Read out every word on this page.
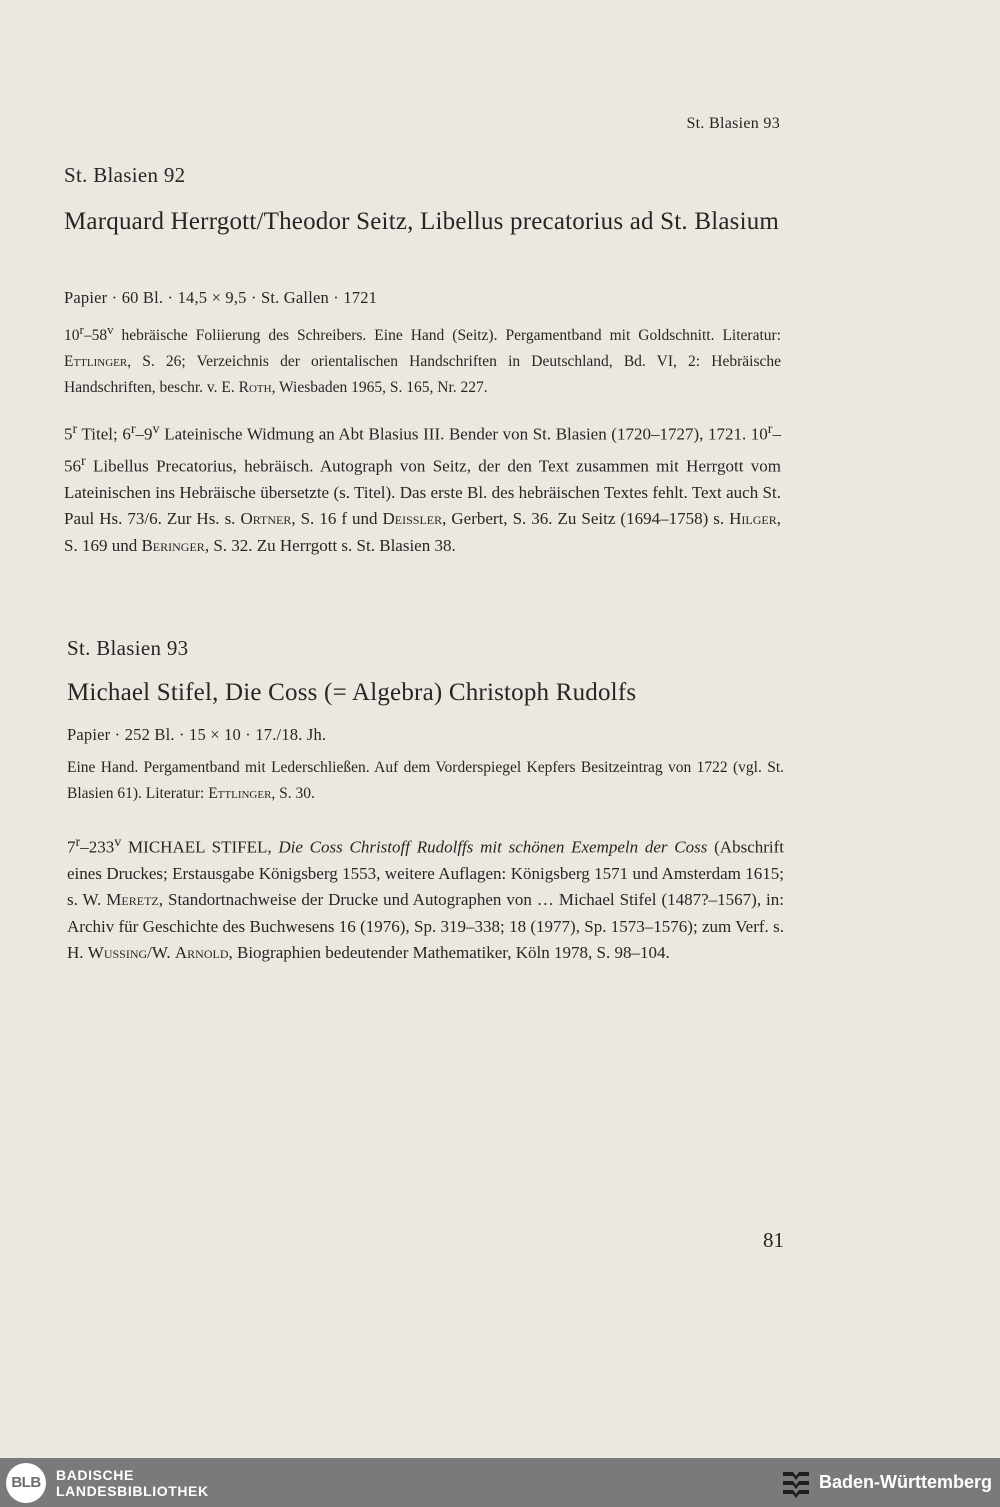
St. Blasien 93

St. Blasien 92

Marquard Herrgott/Theodor Seitz, Libellus precatorius ad St. Blasium

Papier · 60 Bl. · 14,5 × 9,5 · St. Gallen · 1721

10$^r$–58$^v$ hebräische Foliierung des Schreibers. Eine Hand (Seitz). Pergamentband mit Goldschnitt. Literatur: Ettlinger, S. 26; Verzeichnis der orientalischen Handschriften in Deutschland, Bd. VI, 2: Hebräische Handschriften, beschr. v. E. Roth, Wiesbaden 1965, S. 165, Nr. 227.

5$^r$ Titel; 6$^r$–9$^v$ Lateinische Widmung an Abt Blasius III. Bender von St. Blasien (1720–1727), 1721. 10$^r$–56$^r$ Libellus Precatorius, hebräisch. Autograph von Seitz, der den Text zusammen mit Herrgott vom Lateinischen ins Hebräische übersetzte (s. Titel). Das erste Bl. des hebräischen Textes fehlt. Text auch St. Paul Hs. 73/6. Zur Hs. s. Ortner, S. 16 f und Deissler, Gerbert, S. 36. Zu Seitz (1694–1758) s. Hilger, S. 169 und Beringer, S. 32. Zu Herrgott s. St. Blasien 38.

St. Blasien 93

Michael Stifel, Die Coss (= Algebra) Christoph Rudolfs

Papier · 252 Bl. · 15 × 10 · 17./18. Jh.

Eine Hand. Pergamentband mit Lederschließen. Auf dem Vorderspiegel Kepfers Besitzeintrag von 1722 (vgl. St. Blasien 61). Literatur: Ettlinger, S. 30.

7$^r$–233$^v$ MICHAEL STIFEL, Die Coss Christoff Rudolffs mit schönen Exempeln der Coss (Abschrift eines Druckes; Erstausgabe Königsberg 1553, weitere Auflagen: Königsberg 1571 und Amsterdam 1615; s. W. Meretz, Standortnachweise der Drucke und Autographen von … Michael Stifel (1487?–1567), in: Archiv für Geschichte des Buchwesens 16 (1976), Sp. 319–338; 18 (1977), Sp. 1573–1576); zum Verf. s. H. Wussing/W. Arnold, Biographien bedeutender Mathematiker, Köln 1978, S. 98–104.

81
BLB	BADISCHE
LANDESBIBLIOTHEK	Baden-Württemberg
